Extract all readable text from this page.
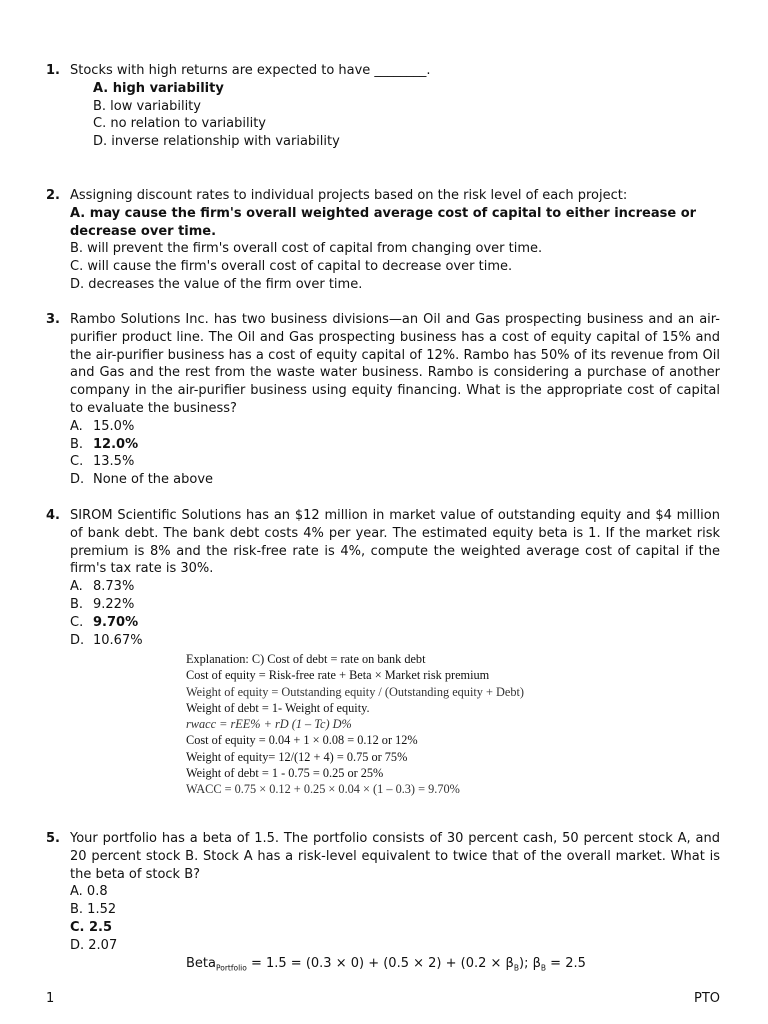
1. Stocks with high returns are expected to have ________.
A. high variability
B. low variability
C. no relation to variability
D. inverse relationship with variability
2. Assigning discount rates to individual projects based on the risk level of each project:
A. may cause the firm's overall weighted average cost of capital to either increase or decrease over time.
B. will prevent the firm's overall cost of capital from changing over time.
C. will cause the firm's overall cost of capital to decrease over time.
D. decreases the value of the firm over time.
3. Rambo Solutions Inc. has two business divisions—an Oil and Gas prospecting business and an air-purifier product line. The Oil and Gas prospecting business has a cost of equity capital of 15% and the air-purifier business has a cost of equity capital of 12%. Rambo has 50% of its revenue from Oil and Gas and the rest from the waste water business. Rambo is considering a purchase of another company in the air-purifier business using equity financing. What is the appropriate cost of capital to evaluate the business?
A. 15.0%
B. 12.0%
C. 13.5%
D. None of the above
4. SIROM Scientific Solutions has an $12 million in market value of outstanding equity and $4 million of bank debt. The bank debt costs 4% per year. The estimated equity beta is 1. If the market risk premium is 8% and the risk-free rate is 4%, compute the weighted average cost of capital if the firm's tax rate is 30%.
A. 8.73%
B. 9.22%
C. 9.70%
D. 10.67%
Explanation: C) Cost of debt = rate on bank debt
Cost of equity = Risk-free rate + Beta × Market risk premium
Weight of equity = Outstanding equity / (Outstanding equity + Debt)
Weight of debt = 1- Weight of equity.
rwacc = rEE% + rD (1 – Tc) D%
Cost of equity = 0.04 + 1 × 0.08 = 0.12 or 12%
Weight of equity= 12/(12 + 4) = 0.75 or 75%
Weight of debt = 1 - 0.75 = 0.25 or 25%
WACC = 0.75 × 0.12 + 0.25 × 0.04 × (1 – 0.3) = 9.70%
5. Your portfolio has a beta of 1.5. The portfolio consists of 30 percent cash, 50 percent stock A, and 20 percent stock B. Stock A has a risk-level equivalent to twice that of the overall market. What is the beta of stock B?
A. 0.8
B. 1.52
C. 2.5
D. 2.07
Beta$_{Portfolio}$ = $1.5 = (0.3 \times 0) + (0.5 \times 2) + (0.2 \times \beta_B)$; $\beta_B = 2.5$
1	PTO
